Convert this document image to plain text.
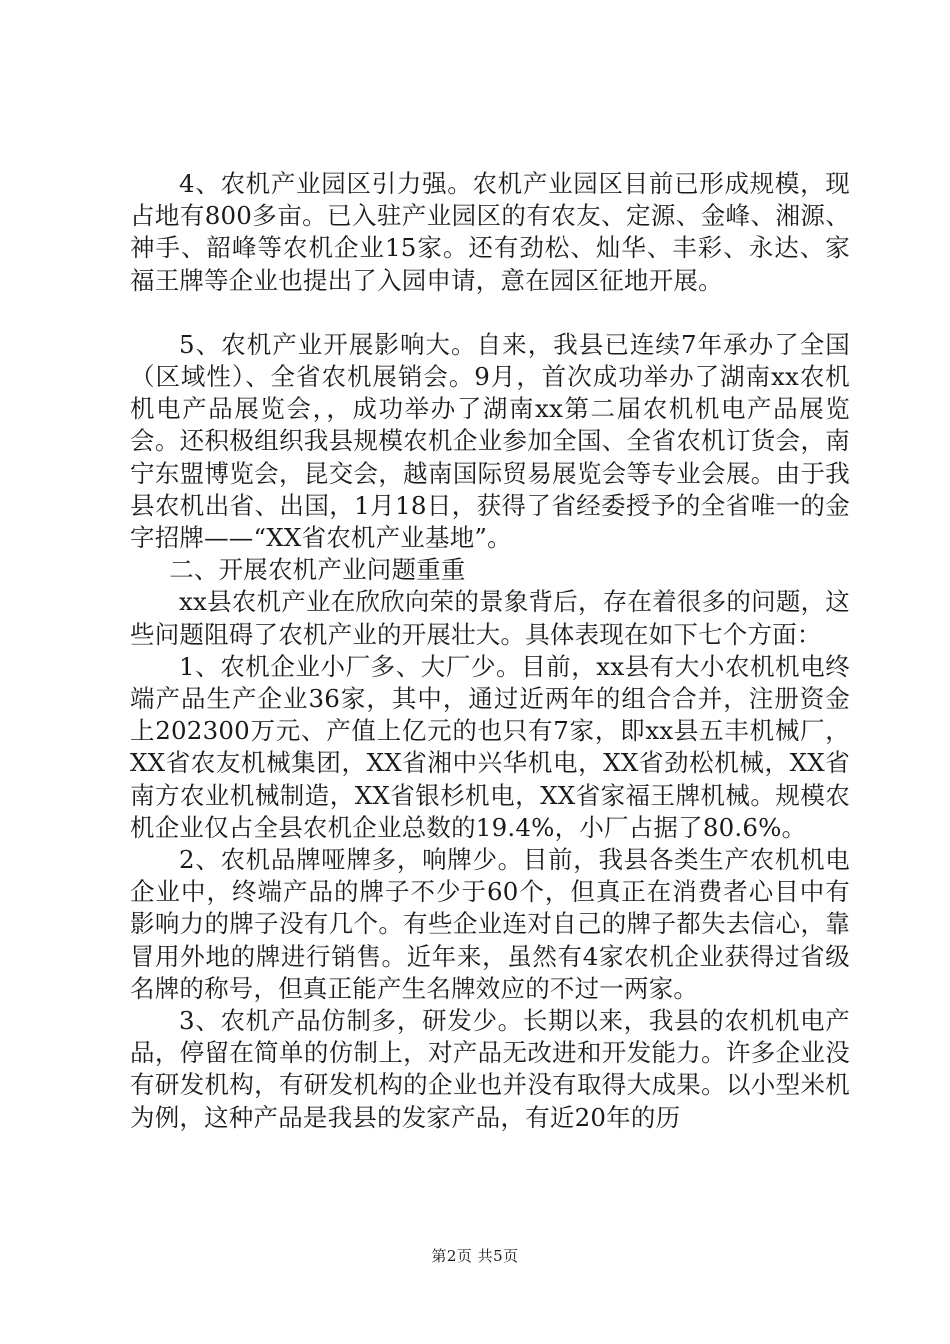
4、农机产业园区引力强。农机产业园区目前已形成规模，现占地有800多亩。已入驻产业园区的有农友、定源、金峰、湘源、神手、韶峰等农机企业15家。还有劲松、灿华、丰彩、永达、家福王牌等企业也提出了入园申请，意在园区征地开展。

5、农机产业开展影响大。自来，我县已连续7年承办了全国（区域性）、全省农机展销会。9月，首次成功举办了湖南xx农机机电产品展览会，，成功举办了湖南xx第二届农机机电产品展览会。还积极组织我县规模农机企业参加全国、全省农机订货会，南宁东盟博览会，昆交会，越南国际贸易展览会等专业会展。由于我县农机出省、出国，1月18日，获得了省经委授予的全省唯一的金字招牌——“XX省农机产业基地”。

二、开展农机产业问题重重

xx县农机产业在欣欣向荣的景象背后，存在着很多的问题，这些问题阻碍了农机产业的开展壮大。具体表现在如下七个方面：

1、农机企业小厂多、大厂少。目前，xx县有大小农机机电终端产品生产企业36家，其中，通过近两年的组合合并，注册资金上202300万元、产值上亿元的也只有7家，即xx县五丰机械厂，XX省农友机械集团，XX省湘中兴华机电，XX省劲松机械，XX省南方农业机械制造，XX省银杉机电，XX省家福王牌机械。规模农机企业仅占全县农机企业总数的19.4%，小厂占据了80.6%。

2、农机品牌哑牌多，响牌少。目前，我县各类生产农机机电企业中，终端产品的牌子不少于60个，但真正在消费者心目中有影响力的牌子没有几个。有些企业连对自己的牌子都失去信心，靠冒用外地的牌进行销售。近年来，虽然有4家农机企业获得过省级名牌的称号，但真正能产生名牌效应的不过一两家。

3、农机产品仿制多，研发少。长期以来，我县的农机机电产品，停留在简单的仿制上，对产品无改进和开发能力。许多企业没有研发机构，有研发机构的企业也并没有取得大成果。以小型米机为例，这种产品是我县的发家产品，有近20年的历

第2页 共5页
